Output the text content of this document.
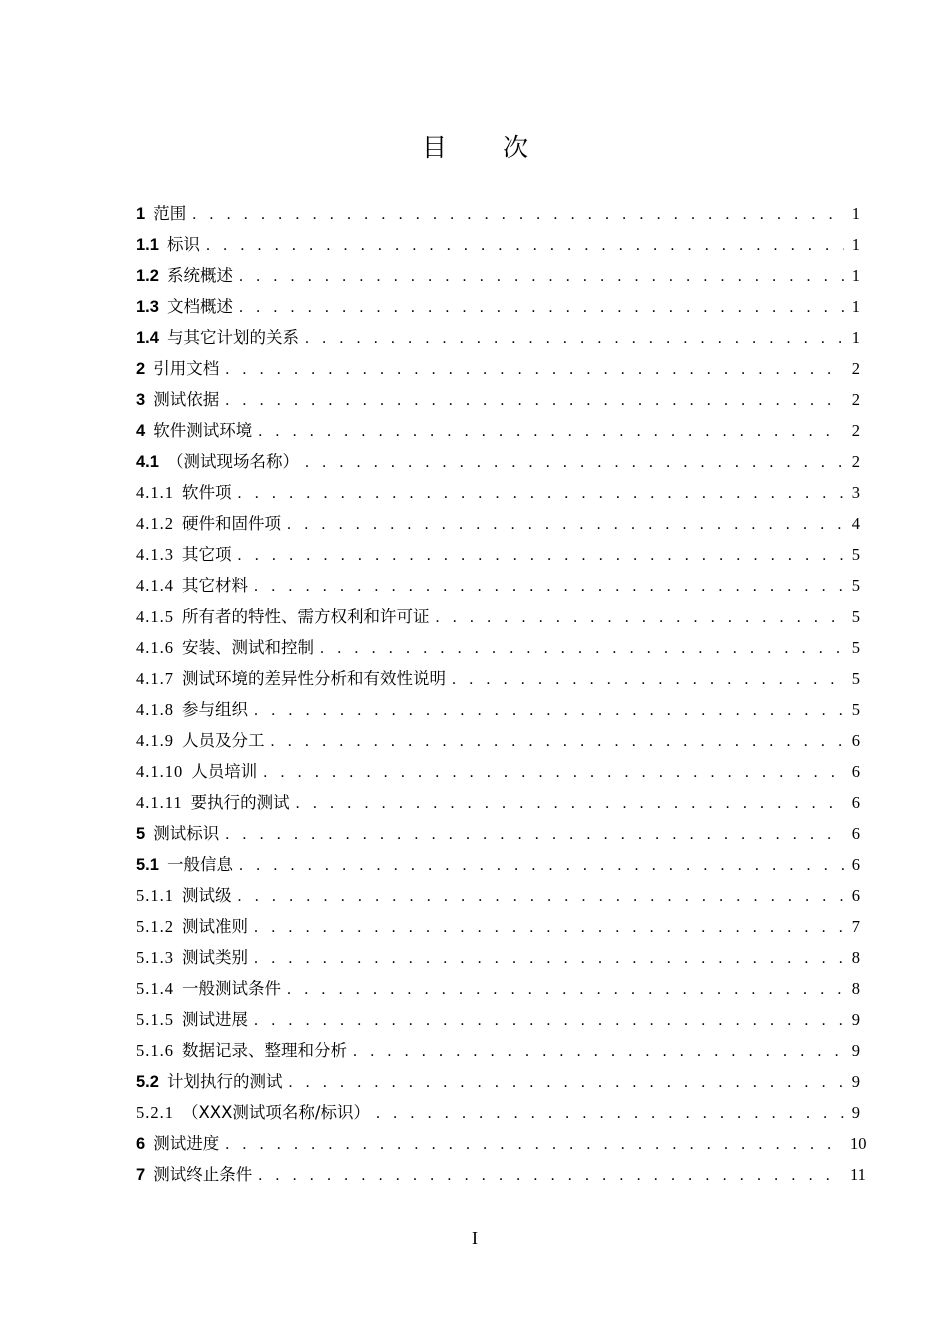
目 次
1 范围 . . .	1
1.1 标识 . . .	1
1.2 系统概述 . . .	1
1.3 文档概述 . . .	1
1.4 与其它计划的关系 . . .	1
2 引用文档 . . .	2
3 测试依据 . . .	2
4 软件测试环境 . . .	2
4.1 （测试现场名称） . . .	2
4.1.1 软件项 . . .	3
4.1.2 硬件和固件项 . . .	4
4.1.3 其它项 . . .	5
4.1.4 其它材料 . . .	5
4.1.5 所有者的特性、需方权利和许可证 . . .	5
4.1.6 安装、测试和控制 . . .	5
4.1.7 测试环境的差异性分析和有效性说明 . . .	5
4.1.8 参与组织 . . .	5
4.1.9 人员及分工 . . .	6
4.1.10 人员培训 . . .	6
4.1.11 要执行的测试 . . .	6
5 测试标识 . . .	6
5.1 一般信息 . . .	6
5.1.1 测试级 . . .	6
5.1.2 测试准则 . . .	7
5.1.3 测试类别 . . .	8
5.1.4 一般测试条件 . . .	8
5.1.5 测试进展 . . .	9
5.1.6 数据记录、整理和分析 . . .	9
5.2 计划执行的测试 . . .	9
5.2.1 （XXX测试项名称/标识） . . .	9
6 测试进度 . . .	10
7 测试终止条件 . . .	11
I
